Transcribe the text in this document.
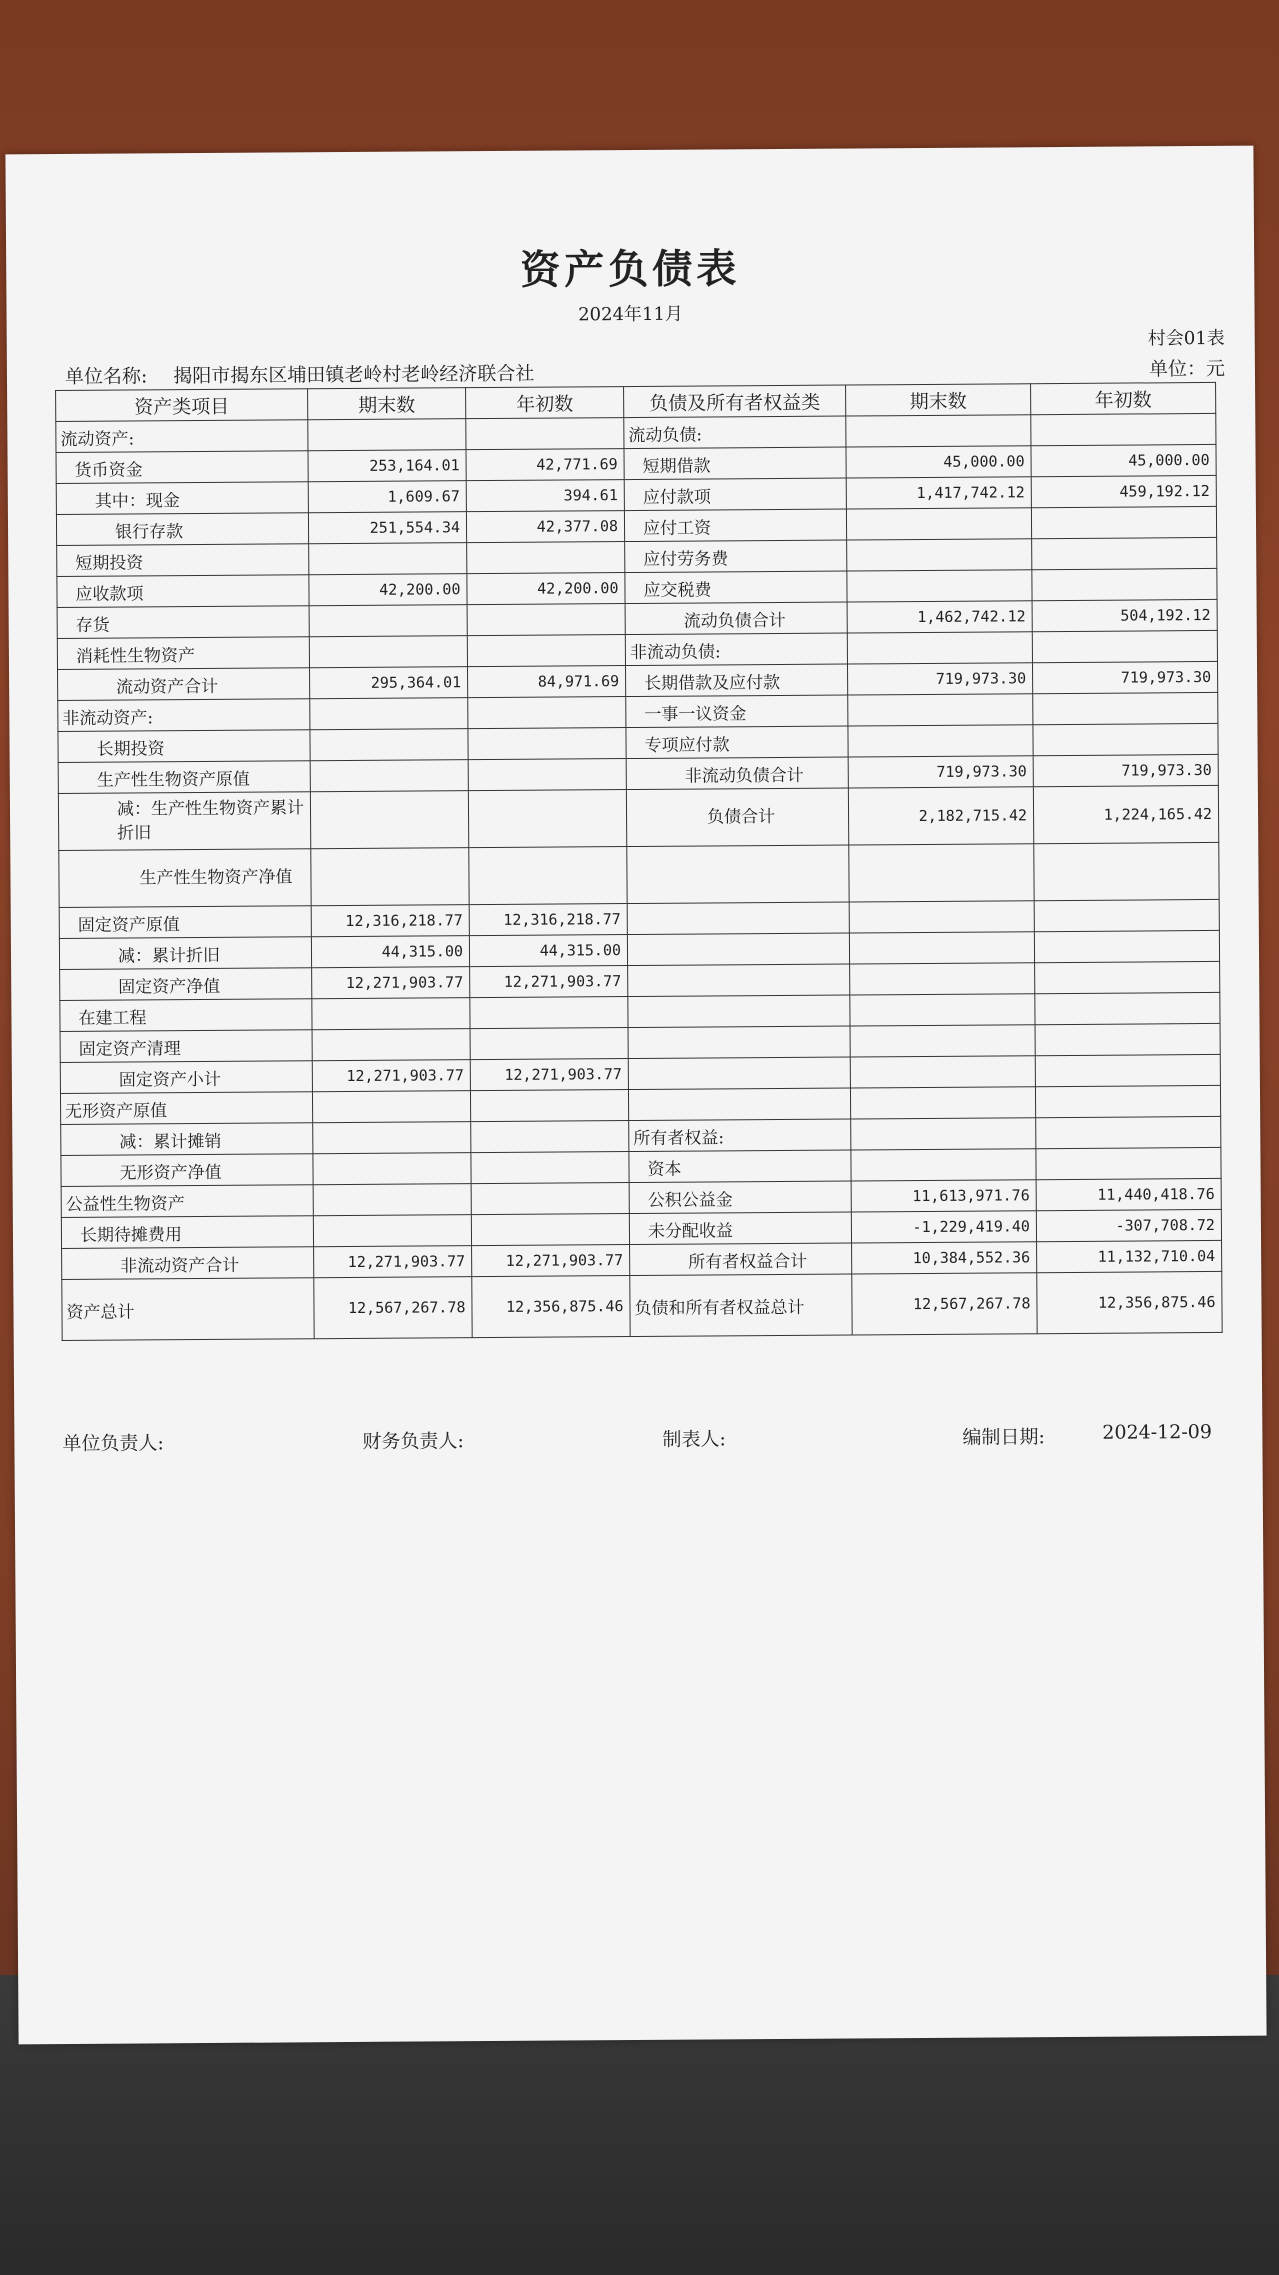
资产负债表
2024年11月
村会01表
单位名称: 揭阳市揭东区埔田镇老岭村老岭经济联合社	单位：元
资产类项目	期末数	年初数	负债及所有者权益类	期末数	年初数
流动资产:			流动负债:		
货币资金	253,164.01	42,771.69	短期借款	45,000.00	45,000.00
其中：现金	1,609.67	394.61	应付款项	1,417,742.12	459,192.12
银行存款	251,554.34	42,377.08	应付工资		
短期投资			应付劳务费		
应收款项	42,200.00	42,200.00	应交税费		
存货			流动负债合计	1,462,742.12	504,192.12
消耗性生物资产			非流动负债:		
流动资产合计	295,364.01	84,971.69	长期借款及应付款	719,973.30	719,973.30
非流动资产:			一事一议资金		
长期投资			专项应付款		
生产性生物资产原值			非流动负债合计	719,973.30	719,973.30
减：生产性生物资产累计折旧			负债合计	2,182,715.42	1,224,165.42
生产性生物资产净值					
固定资产原值	12,316,218.77	12,316,218.77			
减：累计折旧	44,315.00	44,315.00			
固定资产净值	12,271,903.77	12,271,903.77			
在建工程					
固定资产清理					
固定资产小计	12,271,903.77	12,271,903.77			
无形资产原值					
减：累计摊销			所有者权益:		
无形资产净值			资本		
公益性生物资产			公积公益金	11,613,971.76	11,440,418.76
长期待摊费用			未分配收益	-1,229,419.40	-307,708.72
非流动资产合计	12,271,903.77	12,271,903.77	所有者权益合计	10,384,552.36	11,132,710.04
资产总计	12,567,267.78	12,356,875.46	负债和所有者权益总计	12,567,267.78	12,356,875.46
单位负责人:	财务负责人:	制表人:	编制日期:	2024-12-09
